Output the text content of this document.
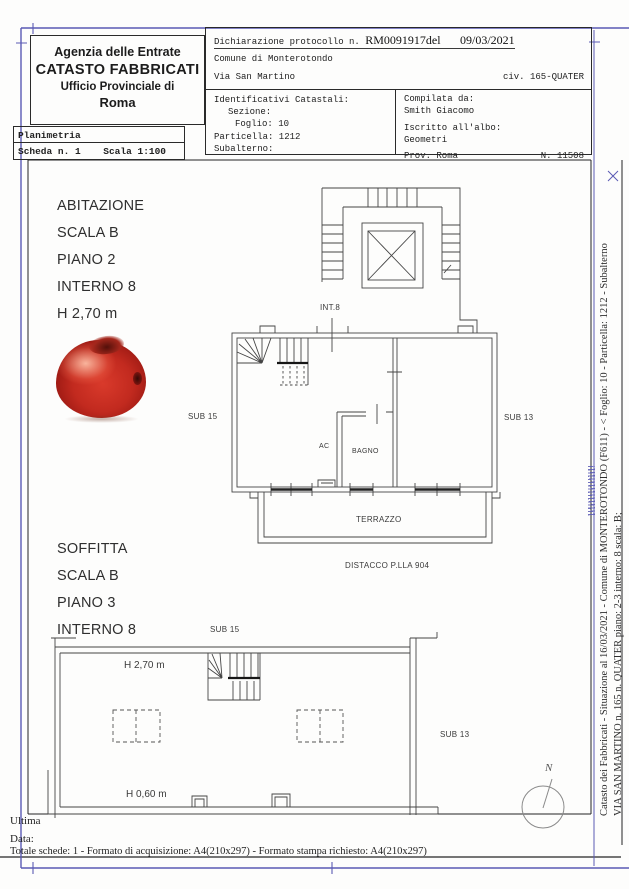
Agenzia delle Entrate
CATASTO FABBRICATI
Ufficio Provinciale di
Roma
Planimetria
Scheda n. 1 Scala 1:100
Dichiarazione protocollo n. RM0091917del 09/03/2021
Comune di Monterotondo
Via San Martino	civ. 165-QUATER
Identificativi Catastali:
Sezione:
Foglio: 10
Particella: 1212
Subalterno:
Compilata da:
Smith Giacomo
Iscritto all'albo:
Geometri
Prov. Roma	N. 11508
ABITAZIONE
SCALA B
PIANO 2
INTERNO 8
H 2,70 m
SOFFITTA
SCALA B
PIANO 3
INTERNO 8
INT.8
SUB 15	SUB 13
AC
BAGNO
TERRAZZO
DISTACCO P.LLA 904
SUB 15
SUB 13
H 2,70 m
H 0,60 m
N	Catasto dei Fabbricati - Situazione al 16/03/2021 - Comune di MONTEROTONDO (F611) - < Foglio: 10 - Particella: 1212 - Subalterno VIA SAN MARTINO n. 165 n. QUATER piano: 2-3 interno: 8 scala: B;
Ultima
Data:
Totale schede: 1 - Formato di acquisizione: A4(210x297) - Formato stampa richiesto: A4(210x297)
